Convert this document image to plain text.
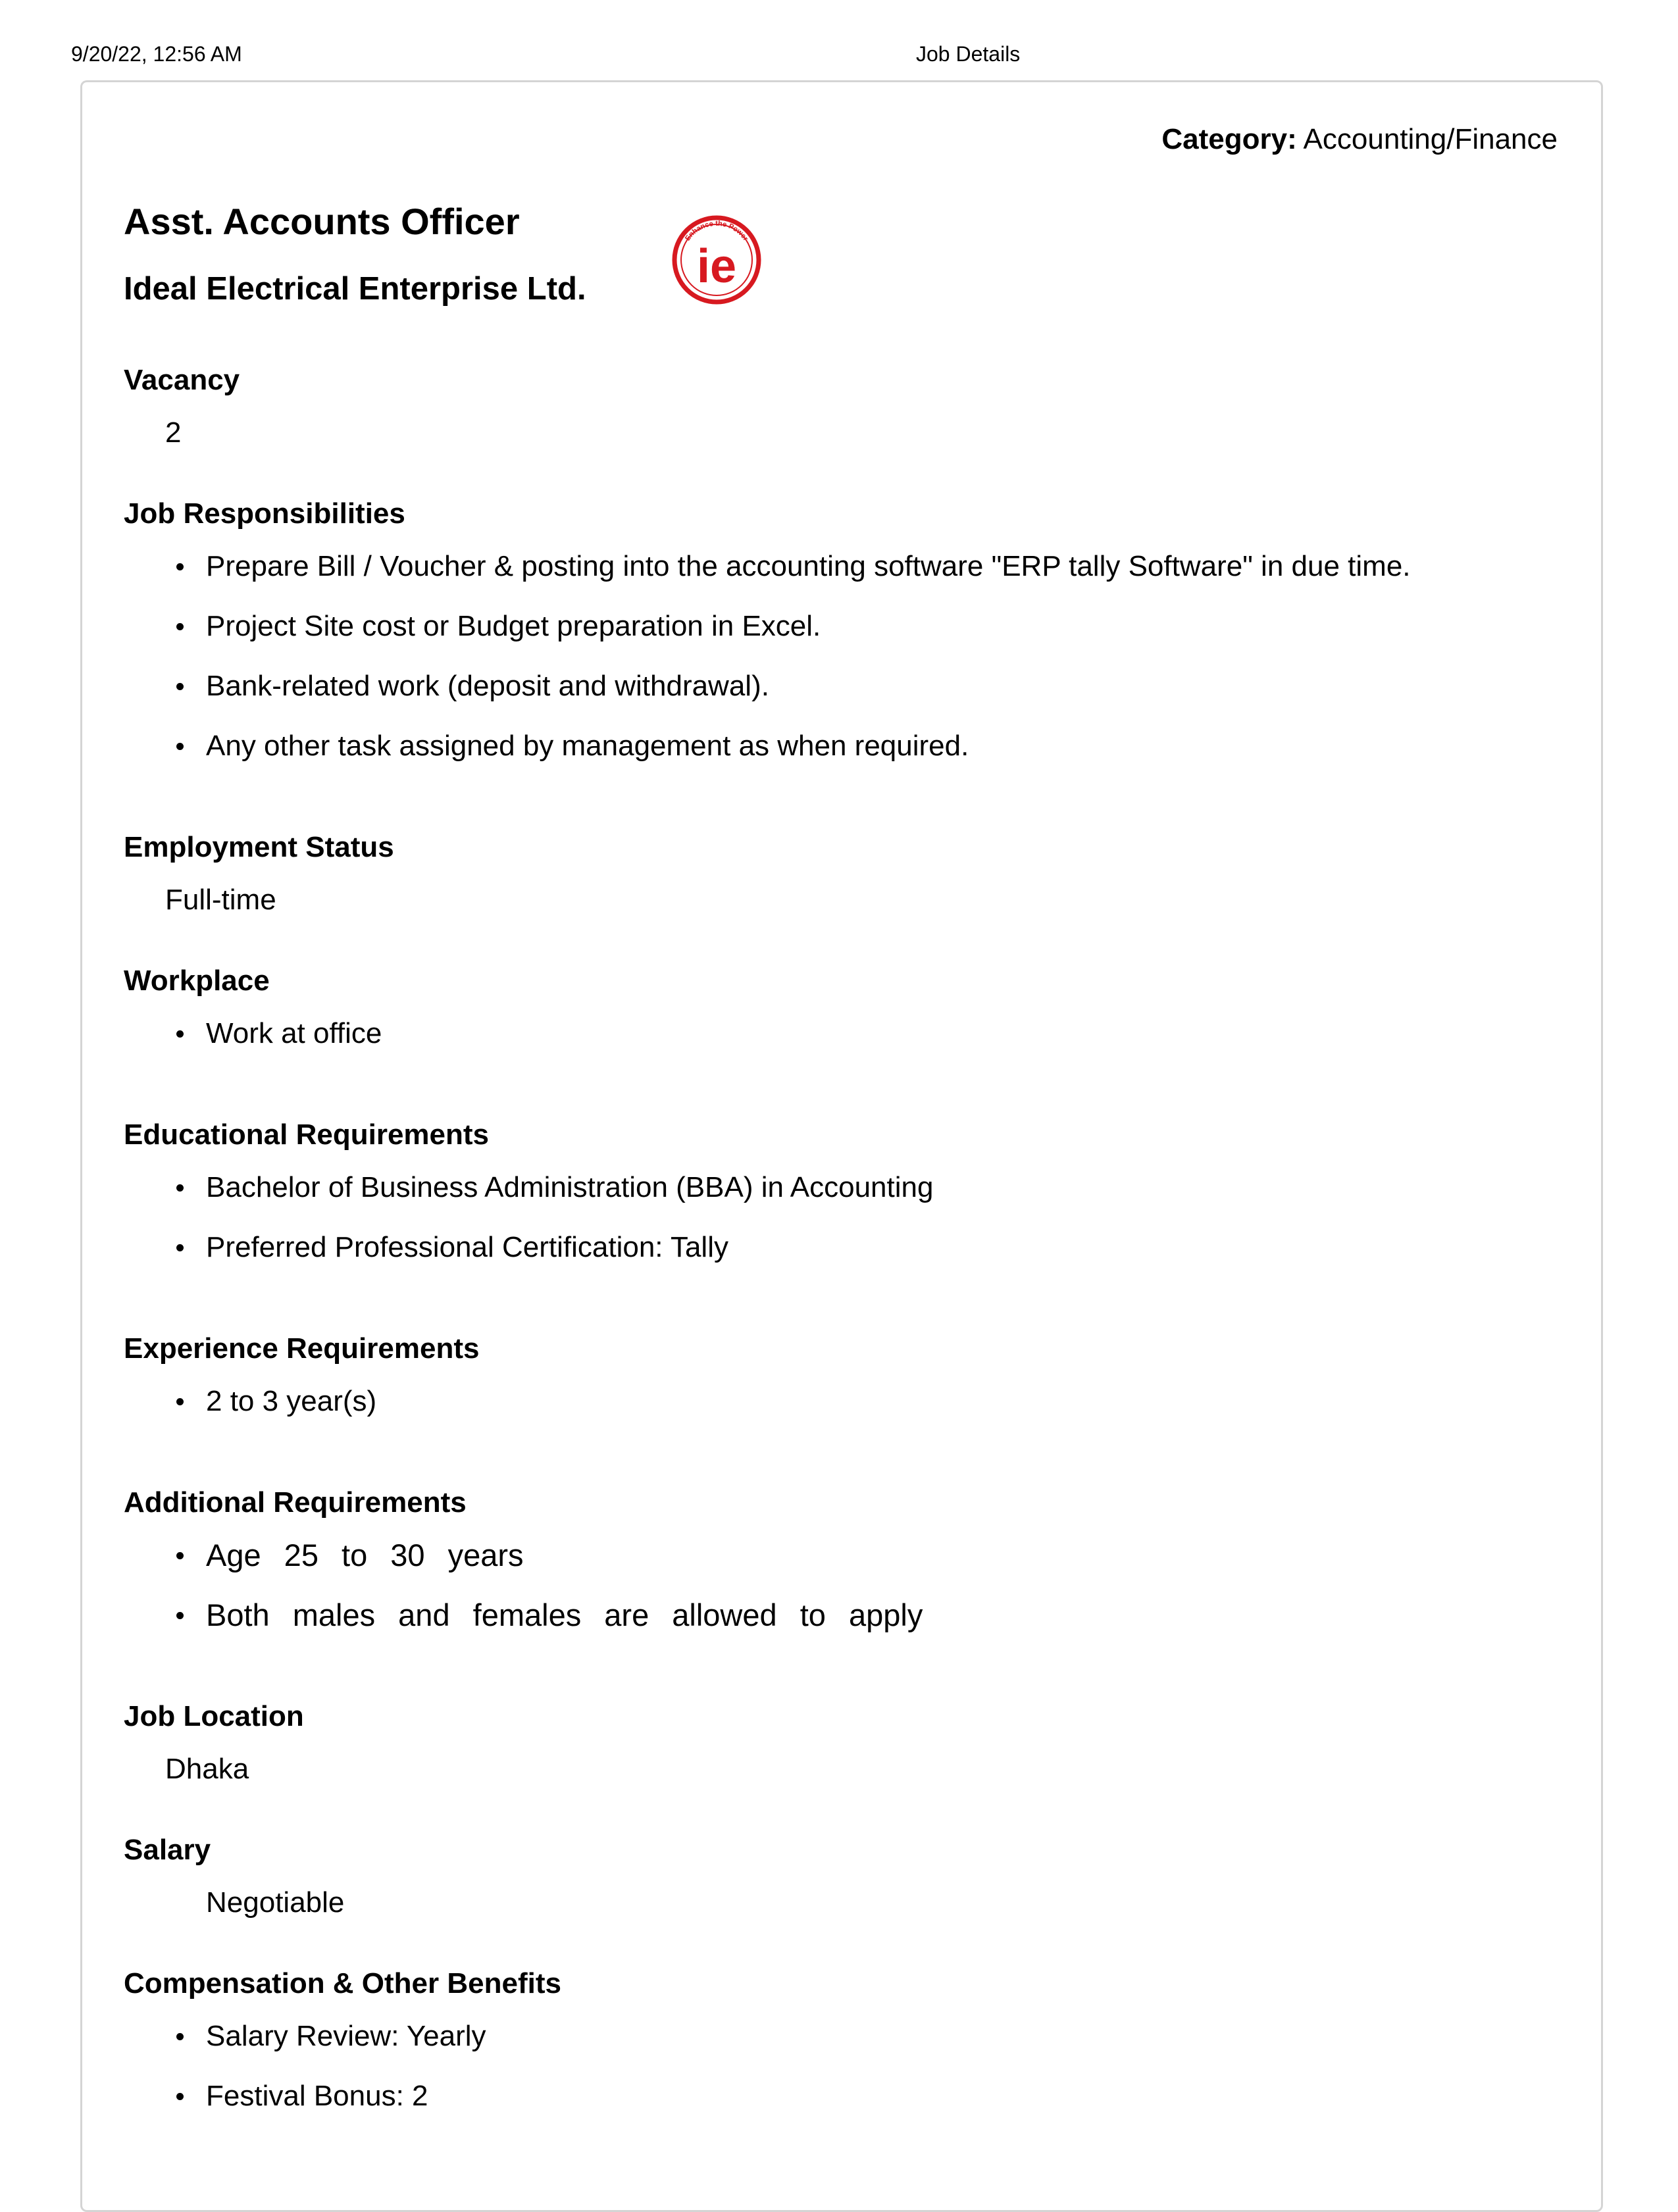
9/20/22, 12:56 AM	Job Details
Category: Accounting/Finance
Asst. Accounts Officer
Ideal Electrical Enterprise Ltd.
Enhance the Power
ie
Vacancy

2

Job Responsibilities
Prepare Bill / Voucher & posting into the accounting software "ERP tally Software" in due time.
Project Site cost or Budget preparation in Excel.
Bank-related work (deposit and withdrawal).
Any other task assigned by management as when required.
Employment Status

Full-time

Workplace
Work at office
Educational Requirements
Bachelor of Business Administration (BBA) in Accounting
Preferred Professional Certification: Tally
Experience Requirements
2 to 3 year(s)
Additional Requirements
Age 25 to 30 years
Both males and females are allowed to apply
Job Location

Dhaka

Salary

Negotiable

Compensation & Other Benefits
Salary Review: Yearly
Festival Bonus: 2
